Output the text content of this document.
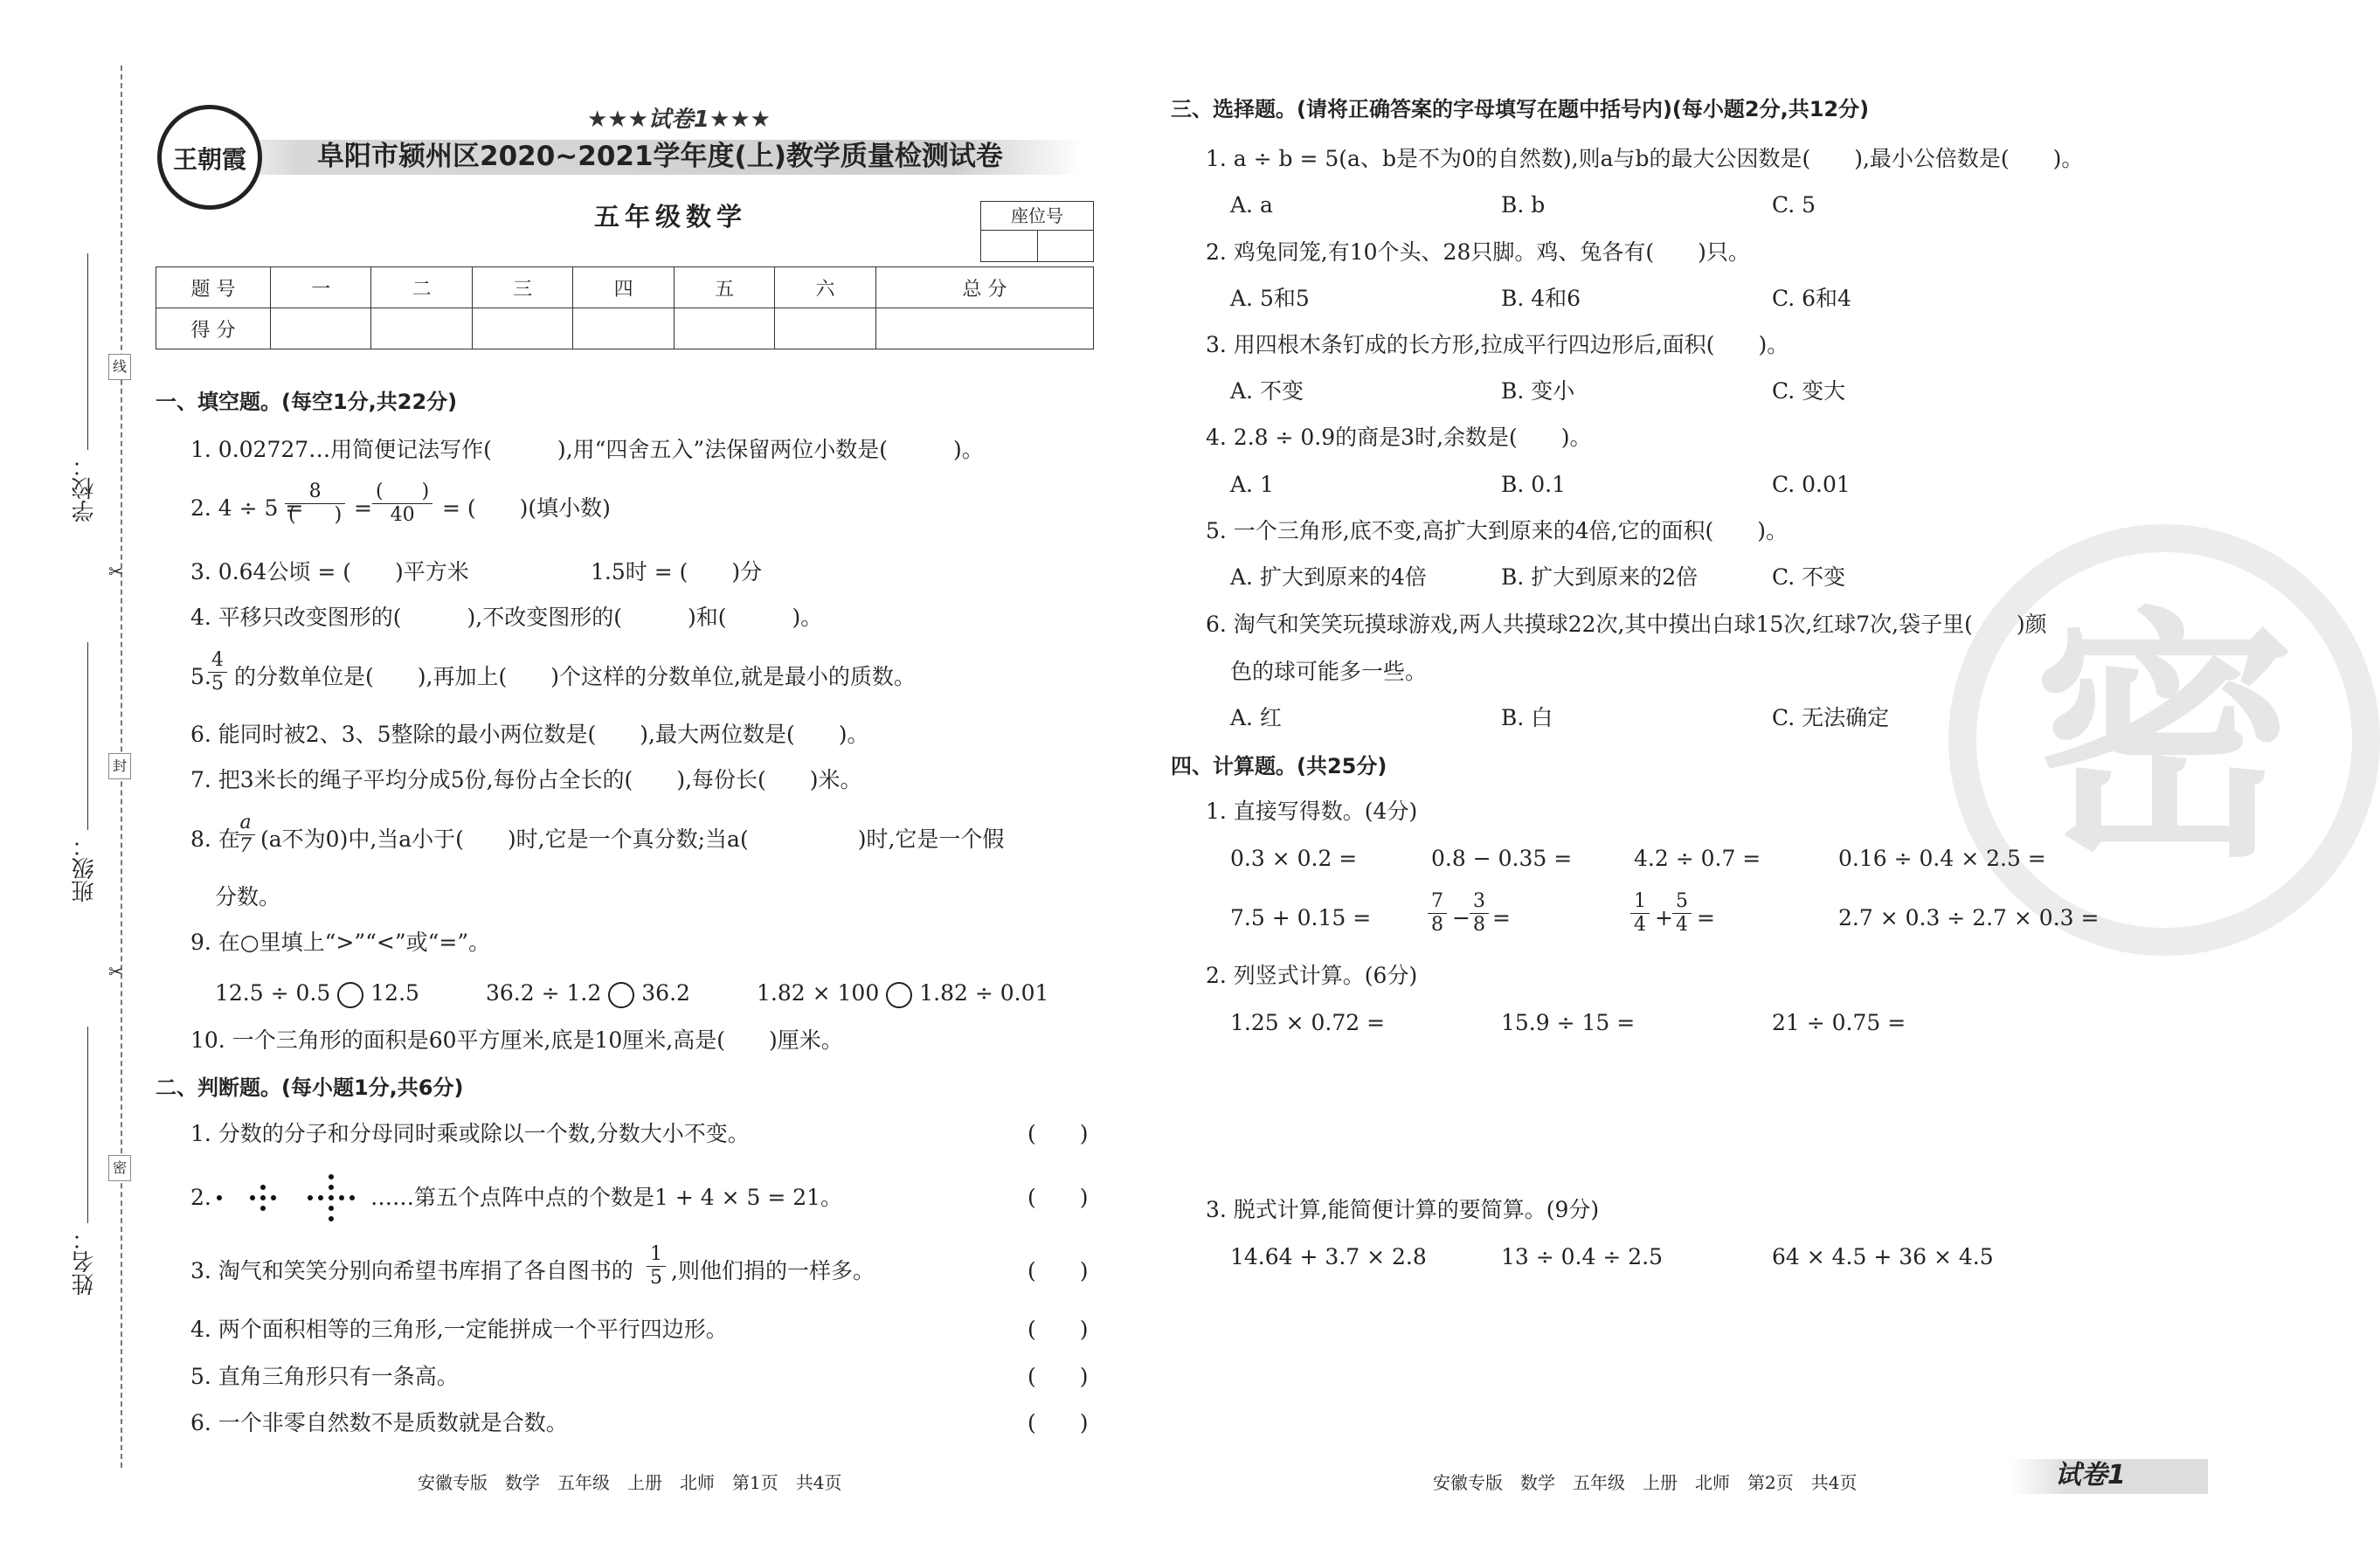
线
封
密
✂
✂
学校：
班级：
姓名：
王朝霞
★★★试卷1★★★
阜阳市颍州区2020~2021学年度(上)教学质量检测试卷
五年级数学	座位号
题 号	一	二	三	四	五	六	总 分
得 分							
一、填空题。(每空1分,共22分)
1. 0.02727…用简便记法写作(　　　),用“四舍五入”法保留两位小数是(　　　)。
2. 4 ÷ 5 =
8
(　　) =
(　　)
40	= (　　)(填小数)
3. 0.64公顷 = (　　)平方米	1.5时 = (　　)分
4. 平移只改变图形的(　　　),不改变图形的(　　　)和(　　　)。
5.
$\frac{4}{5}$ 的分数单位是(　　),再加上(　　)个这样的分数单位,就是最小的质数。
6. 能同时被2、3、5整除的最小两位数是(　　),最大两位数是(　　)。
7. 把3米长的绳子平均分成5份,每份占全长的(　　),每份长(　　)米。
8. 在
$\frac{a}{7} (a$不为0)中,当a小于(　　)时,它是一个真分数;当a(　　　　　)时,它是一个假
分数。
9. 在○里填上“>”“<”或“=”。
12.5 ÷ 0.5 12.5	36.2 ÷ 1.2 36.2	1.82 × 100 1.82 ÷ 0.01
10. 一个三角形的面积是60平方厘米,底是10厘米,高是(　　)厘米。
二、判断题。(每小题1分,共6分)
1. 分数的分子和分母同时乘或除以一个数,分数大小不变。	(　　)
2.	……第五个点阵中点的个数是1 + 4 × 5 = 21。	(　　)
3. 淘气和笑笑分别向希望书库捐了各自图书的 $\frac{1}{5}$ ,则他们捐的一样多。	(　　)
4. 两个面积相等的三角形,一定能拼成一个平行四边形。	(　　)
5. 直角三角形只有一条高。	(　　)
6. 一个非零自然数不是质数就是合数。	(　　)
安徽专版　数学　五年级　上册　北师　第1页　共4页
密
三、选择题。(请将正确答案的字母填写在题中括号内)(每小题2分,共12分)
1. a ÷ b = 5(a、b是不为0的自然数),则a与b的最大公因数是(　　),最小公倍数是(　　)。
A. a	B. b	C. 5
2. 鸡兔同笼,有10个头、28只脚。鸡、兔各有(　　)只。
A. 5和5	B. 4和6	C. 6和4
3. 用四根木条钉成的长方形,拉成平行四边形后,面积(　　)。
A. 不变	B. 变小	C. 变大
4. 2.8 ÷ 0.9的商是3时,余数是(　　)。
A. 1	B. 0.1	C. 0.01
5. 一个三角形,底不变,高扩大到原来的4倍,它的面积(　　)。
A. 扩大到原来的4倍	B. 扩大到原来的2倍	C. 不变
6. 淘气和笑笑玩摸球游戏,两人共摸球22次,其中摸出白球15次,红球7次,袋子里(　　)颜
色的球可能多一些。
A. 红	B. 白	C. 无法确定
四、计算题。(共25分)
1. 直接写得数。(4分)
0.3 × 0.2 =	0.8 − 0.35 =	4.2 ÷ 0.7 =	0.16 ÷ 0.4 × 2.5 =
7.5 + 0.15 =	$\frac{7}{8} - \frac{3}{8}$ =	$\frac{1}{4} + \frac{5}{4}$ =	2.7 × 0.3 ÷ 2.7 × 0.3 =
2. 列竖式计算。(6分)
1.25 × 0.72 =	15.9 ÷ 15 =	21 ÷ 0.75 =
3. 脱式计算,能简便计算的要简算。(9分)
14.64 + 3.7 × 2.8	13 ÷ 0.4 ÷ 2.5	64 × 4.5 + 36 × 4.5
安徽专版　数学　五年级　上册　北师　第2页　共4页	试卷1
